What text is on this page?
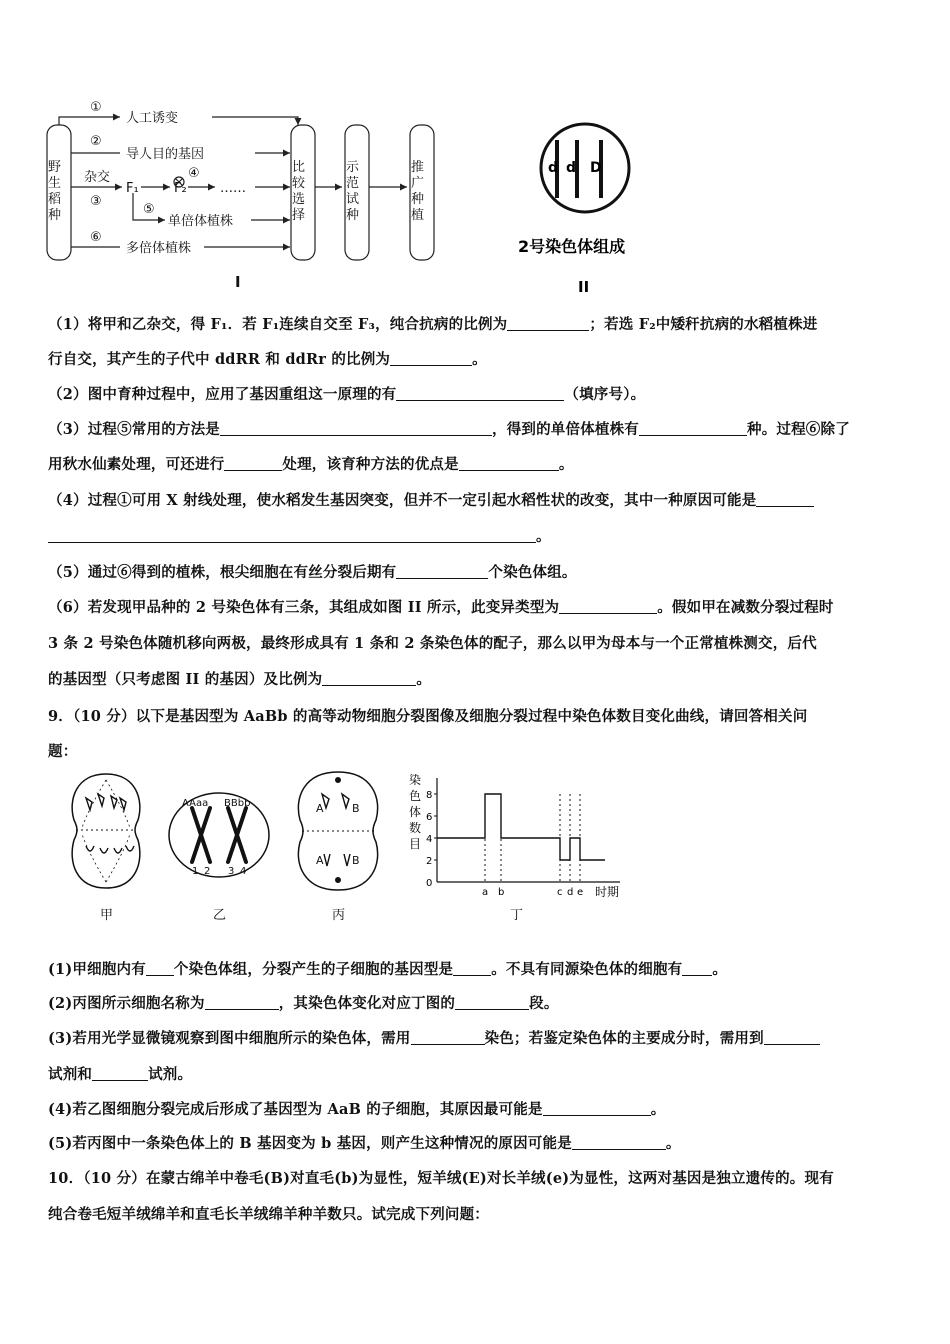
①
人工诱变
②
导人目的基因
杂交
③
F₁
④
F₂	……
⑤
单倍体植株
⑥
多倍体植株
I
野生稻种
比较选择
示范试种
推广种植
d d D
2号染色体组成
II
（1）将甲和乙杂交，得 F₁．若 F₁连续自交至 F₃，纯合抗病的比例为	；若选 F₂中矮秆抗病的水稻植株进
行自交，其产生的子代中 ddRR 和 ddRr 的比例为	。
（2）图中育种过程中，应用了基因重组这一原理的有	（填序号）。
（3）过程⑤常用的方法是	，得到的单倍体植株有	种。过程⑥除了
用秋水仙素处理，可还进行	处理，该育种方法的优点是	。
（4）过程①可用 X 射线处理，使水稻发生基因突变，但并不一定引起水稻性状的改变，其中一种原因可能是
。
（5）通过⑥得到的植株，根尖细胞在有丝分裂后期有	个染色体组。
（6）若发现甲品种的 2 号染色体有三条，其组成如图 II 所示，此变异类型为	。假如甲在减数分裂过程时
3 条 2 号染色体随机移向两极，最终形成具有 1 条和 2 条染色体的配子，那么以甲为母本与一个正常植株测交，后代
的基因型（只考虑图 II 的基因）及比例为	。
9．（10 分）以下是基因型为 AaBb 的高等动物细胞分裂图像及细胞分裂过程中染色体数目变化曲线，请回答相关问
题：
甲
AAaa BBbb
1 2 3 4
乙
A	B
A	B
丙
染
色
体
数
目
2
4
6
8
0
a b	c d e 时期
丁
(1)甲细胞内有 个染色体组，分裂产生的子细胞的基因型是	。不具有同源染色体的细胞有 。
(2)丙图所示细胞名称为	，其染色体变化对应丁图的	段。
(3)若用光学显微镜观察到图中细胞所示的染色体，需用	染色；若鉴定染色体的主要成分时，需用到
试剂和	试剂。
(4)若乙图细胞分裂完成后形成了基因型为 AaB 的子细胞，其原因最可能是	。
(5)若丙图中一条染色体上的 B 基因变为 b 基因，则产生这种情况的原因可能是	。
10．（10 分）在蒙古绵羊中卷毛(B)对直毛(b)为显性，短羊绒(E)对长羊绒(e)为显性，这两对基因是独立遗传的。现有
纯合卷毛短羊绒绵羊和直毛长羊绒绵羊种羊数只。试完成下列问题：
